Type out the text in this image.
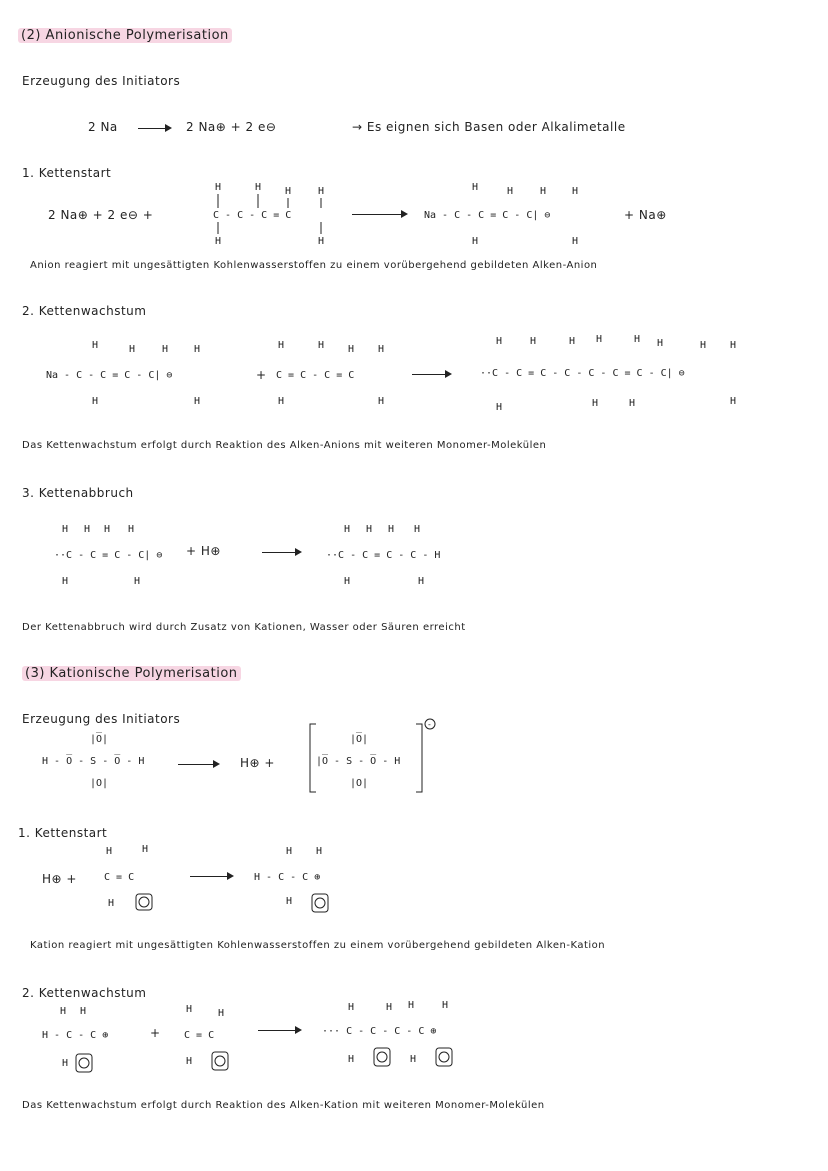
(2) Anionische Polymerisation
Erzeugung des Initiators
2 Na → 2 Na⊕ + 2 e⊖	→ Es eignen sich Basen oder Alkalimetalle
1. Kettenstart
2 Na⊕ + 2 e⊖ +
H	H H	H
C - C - C = C
H	H
H	H	H	H
Na - C - C = C - C| ⊖
H	H
+ Na⊕
Anion reagiert mit ungesättigten Kohlenwasserstoffen zu einem vorübergehend gebildeten Alken-Anion
2. Kettenwachstum
H	H	H	H
Na - C - C = C - C| ⊖
H	H
+
H	H H H
C = C - C = C
H	H
H	H	H H	H H	H H
··C - C = C - C - C - C = C - C| ⊖
H	H	H	H
Das Kettenwachstum erfolgt durch Reaktion des Alken-Anions mit weiteren Monomer-Molekülen
3. Kettenabbruch
H H H H
··C - C = C - C| ⊖
H	H
+ H⊕
H H H H
··C - C = C - C - H
H	H
Der Kettenabbruch wird durch Zusatz von Kationen, Wasser oder Säuren erreicht
(3) Kationische Polymerisation
Erzeugung des Initiators
|O̅|
H - O̅ - S - O̅ - H
|O|
→ H⊕ +
-
|O̅|
|O̅ - S - O̅ - H
|O|
1. Kettenstart
H⊕ +
H	H
C = C
H
H H
H - C - C ⊕
H
Kation reagiert mit ungesättigten Kohlenwasserstoffen zu einem vorübergehend gebildeten Alken-Kation
2. Kettenwachstum
H H
H - C - C ⊕
H
+
H	H
C = C
H
H	H H	H
··· C - C - C - C ⊕
H	H
Das Kettenwachstum erfolgt durch Reaktion des Alken-Kation mit weiteren Monomer-Molekülen
